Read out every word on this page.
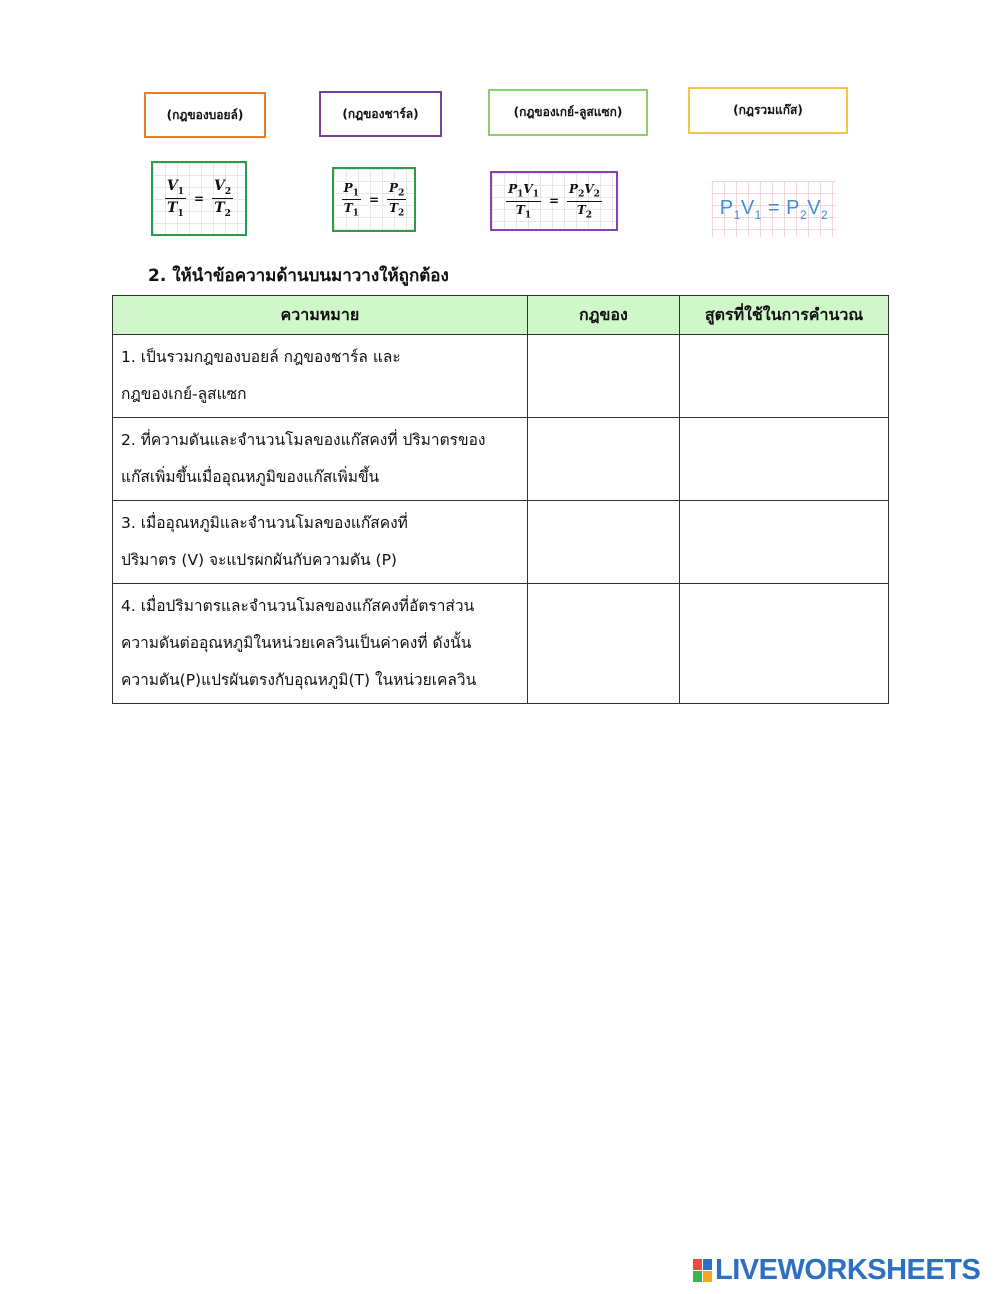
(กฎของบอยล์)	(กฎของชาร์ล)	(กฎของเกย์-ลูสแซก)	(กฎรวมแก๊ส)
$\frac{V_1}{T_1} = \frac{V_2}{T_2}$	$\frac{P_1}{T_1} = \frac{P_2}{T_2}$	$\frac{P_1V_1}{T_1} = \frac{P_2V_2}{T_2}$	$P_1V_1 = P_2V_2$
2. ให้นำข้อความด้านบนมาวางให้ถูกต้อง
ความหมาย	กฎของ	สูตรที่ใช้ในการคำนวณ

1. เป็นรวมกฎของบอยล์ กฎของชาร์ล และ
กฎของเกย์-ลูสแซก		

2. ที่ความดันและจำนวนโมลของแก๊สคงที่ ปริมาตรของ
แก๊สเพิ่มขึ้นเมื่ออุณหภูมิของแก๊สเพิ่มขึ้น		

3. เมื่ออุณหภูมิและจำนวนโมลของแก๊สคงที่
ปริมาตร (V) จะแปรผกผันกับความดัน (P)		

4. เมื่อปริมาตรและจำนวนโมลของแก๊สคงที่อัตราส่วน
ความดันต่ออุณหภูมิในหน่วยเคลวินเป็นค่าคงที่ ดังนั้น
ความดัน(P)แปรผันตรงกับอุณหภูมิ(T) ในหน่วยเคลวิน		

LIVEWORKSHEETS
